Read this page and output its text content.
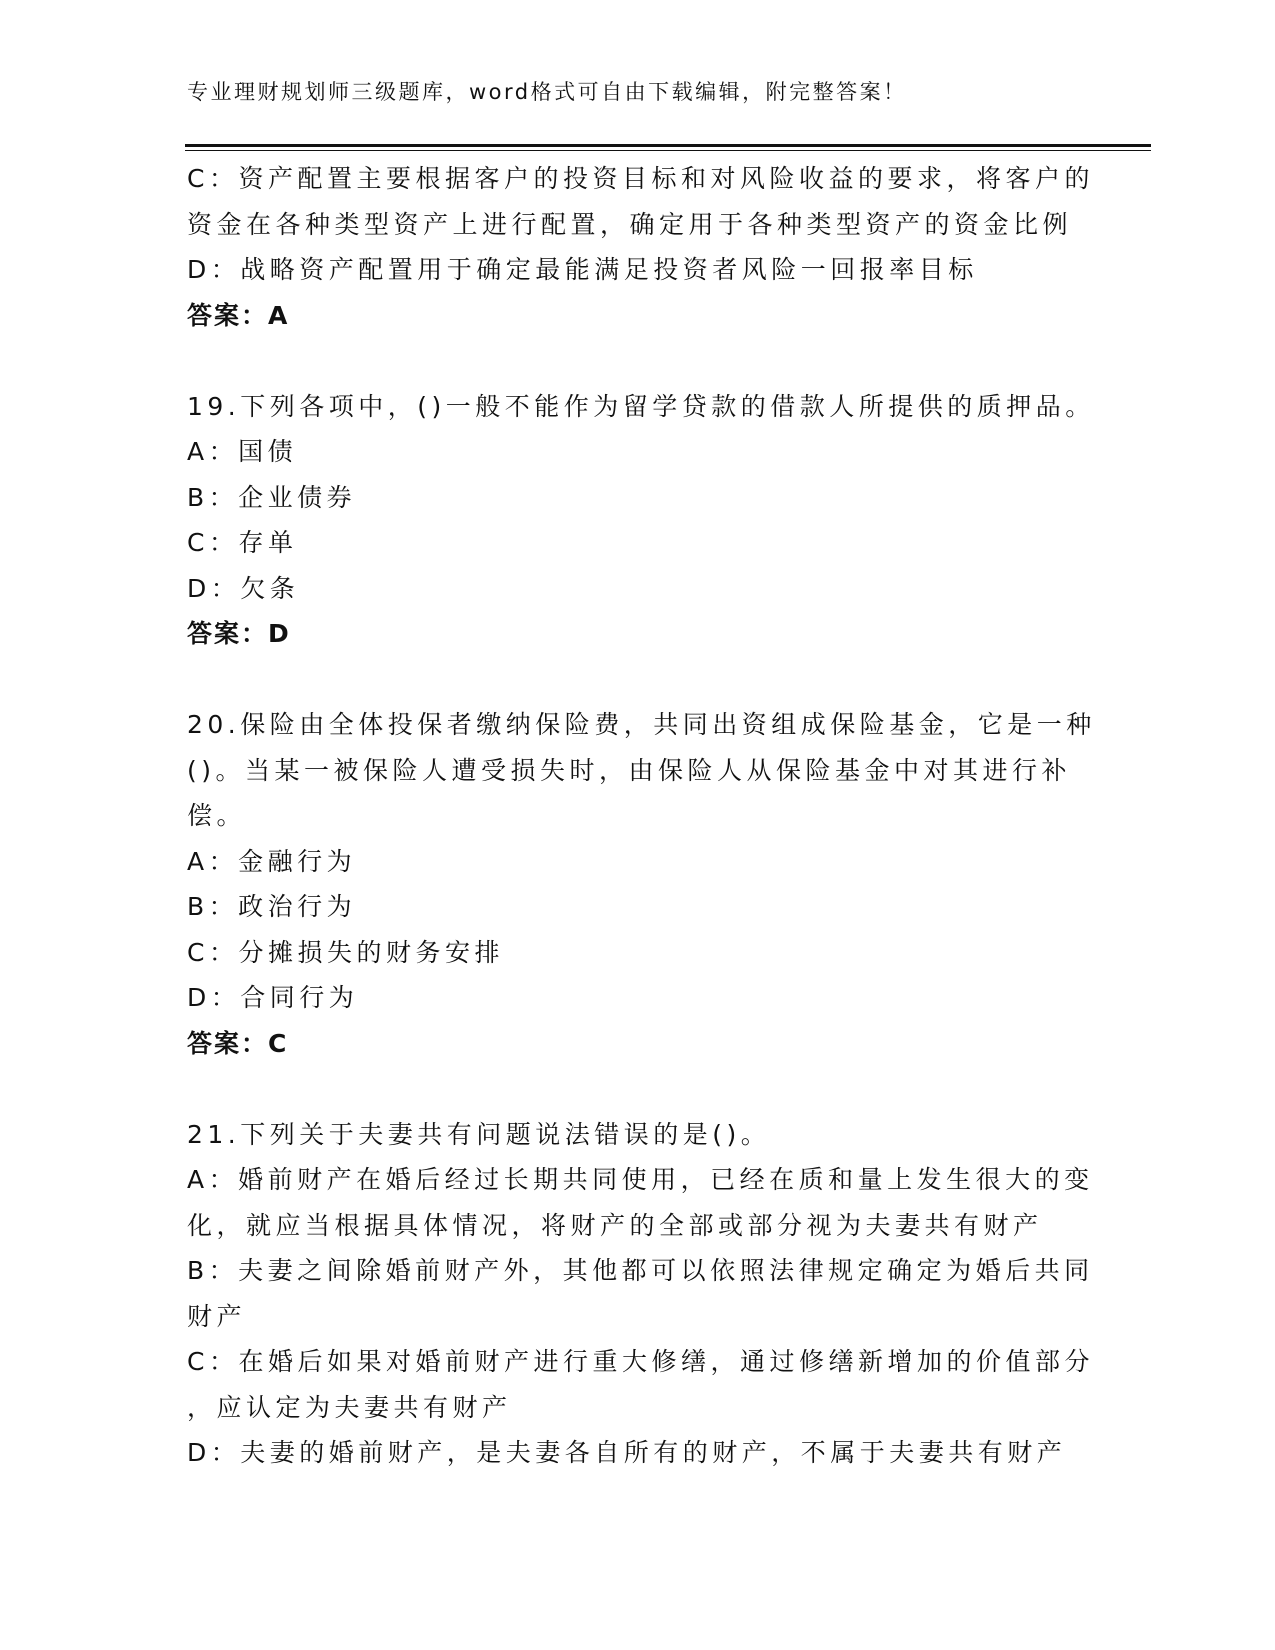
专业理财规划师三级题库，word格式可自由下载编辑，附完整答案！
C：资产配置主要根据客户的投资目标和对风险收益的要求，将客户的
资金在各种类型资产上进行配置，确定用于各种类型资产的资金比例
D：战略资产配置用于确定最能满足投资者风险一回报率目标
答案：A
19.下列各项中，()一般不能作为留学贷款的借款人所提供的质押品。
A：国债
B：企业债券
C：存单
D：欠条
答案：D
20.保险由全体投保者缴纳保险费，共同出资组成保险基金，它是一种
()。当某一被保险人遭受损失时，由保险人从保险基金中对其进行补
偿。
A：金融行为
B：政治行为
C：分摊损失的财务安排
D：合同行为
答案：C
21.下列关于夫妻共有问题说法错误的是()。
A：婚前财产在婚后经过长期共同使用，已经在质和量上发生很大的变
化，就应当根据具体情况，将财产的全部或部分视为夫妻共有财产
B：夫妻之间除婚前财产外，其他都可以依照法律规定确定为婚后共同
财产
C：在婚后如果对婚前财产进行重大修缮，通过修缮新增加的价值部分
，应认定为夫妻共有财产
D：夫妻的婚前财产，是夫妻各自所有的财产，不属于夫妻共有财产
